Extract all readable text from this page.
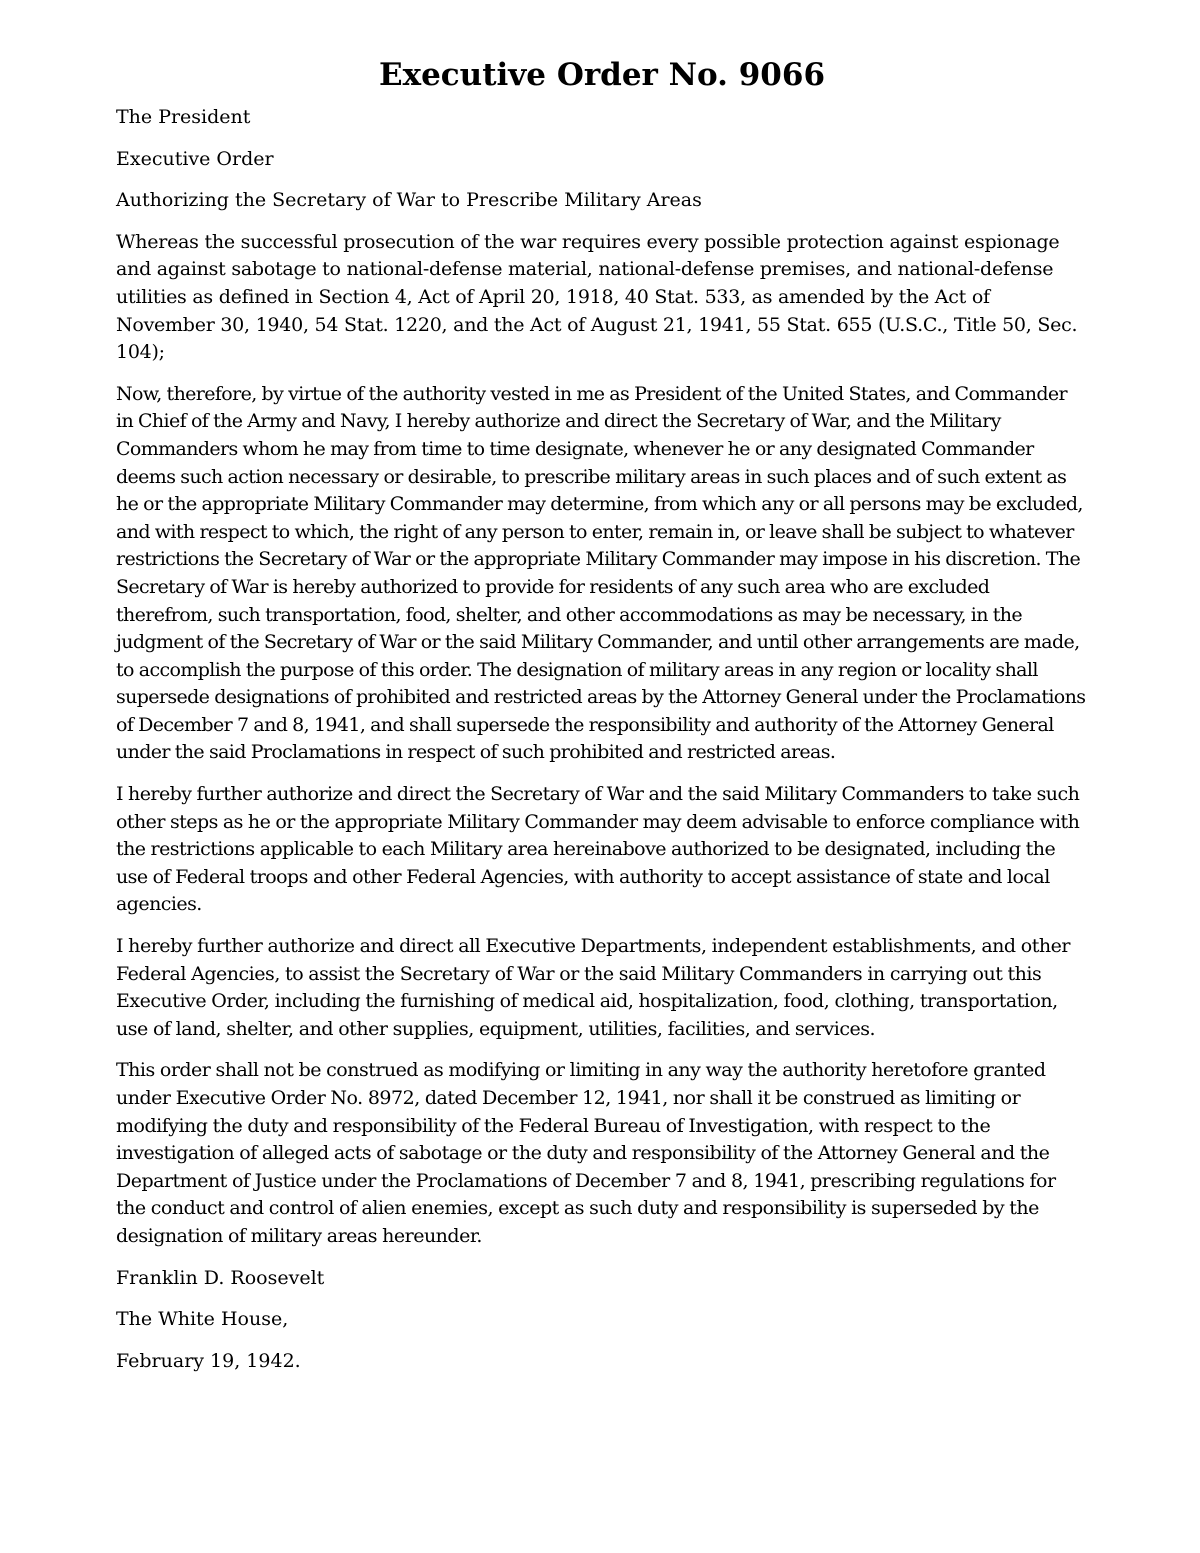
Executive Order No. 9066

The President

Executive Order

Authorizing the Secretary of War to Prescribe Military Areas

Whereas the successful prosecution of the war requires every possible protection against espionage and against sabotage to national-defense material, national-defense premises, and national-defense utilities as defined in Section 4, Act of April 20, 1918, 40 Stat. 533, as amended by the Act of November 30, 1940, 54 Stat. 1220, and the Act of August 21, 1941, 55 Stat. 655 (U.S.C., Title 50, Sec. 104);

Now, therefore, by virtue of the authority vested in me as President of the United States, and Commander in Chief of the Army and Navy, I hereby authorize and direct the Secretary of War, and the Military Commanders whom he may from time to time designate, whenever he or any designated Commander deems such action necessary or desirable, to prescribe military areas in such places and of such extent as he or the appropriate Military Commander may determine, from which any or all persons may be excluded, and with respect to which, the right of any person to enter, remain in, or leave shall be subject to whatever restrictions the Secretary of War or the appropriate Military Commander may impose in his discretion. The Secretary of War is hereby authorized to provide for residents of any such area who are excluded therefrom, such transportation, food, shelter, and other accommodations as may be necessary, in the judgment of the Secretary of War or the said Military Commander, and until other arrangements are made, to accomplish the purpose of this order. The designation of military areas in any region or locality shall supersede designations of prohibited and restricted areas by the Attorney General under the Proclamations of December 7 and 8, 1941, and shall supersede the responsibility and authority of the Attorney General under the said Proclamations in respect of such prohibited and restricted areas.

I hereby further authorize and direct the Secretary of War and the said Military Commanders to take such other steps as he or the appropriate Military Commander may deem advisable to enforce compliance with the restrictions applicable to each Military area hereinabove authorized to be designated, including the use of Federal troops and other Federal Agencies, with authority to accept assistance of state and local agencies.

I hereby further authorize and direct all Executive Departments, independent establishments, and other Federal Agencies, to assist the Secretary of War or the said Military Commanders in carrying out this Executive Order, including the furnishing of medical aid, hospitalization, food, clothing, transportation, use of land, shelter, and other supplies, equipment, utilities, facilities, and services.

This order shall not be construed as modifying or limiting in any way the authority heretofore granted under Executive Order No. 8972, dated December 12, 1941, nor shall it be construed as limiting or modifying the duty and responsibility of the Federal Bureau of Investigation, with respect to the investigation of alleged acts of sabotage or the duty and responsibility of the Attorney General and the Department of Justice under the Proclamations of December 7 and 8, 1941, prescribing regulations for the conduct and control of alien enemies, except as such duty and responsibility is superseded by the designation of military areas hereunder.

Franklin D. Roosevelt

The White House,

February 19, 1942.
